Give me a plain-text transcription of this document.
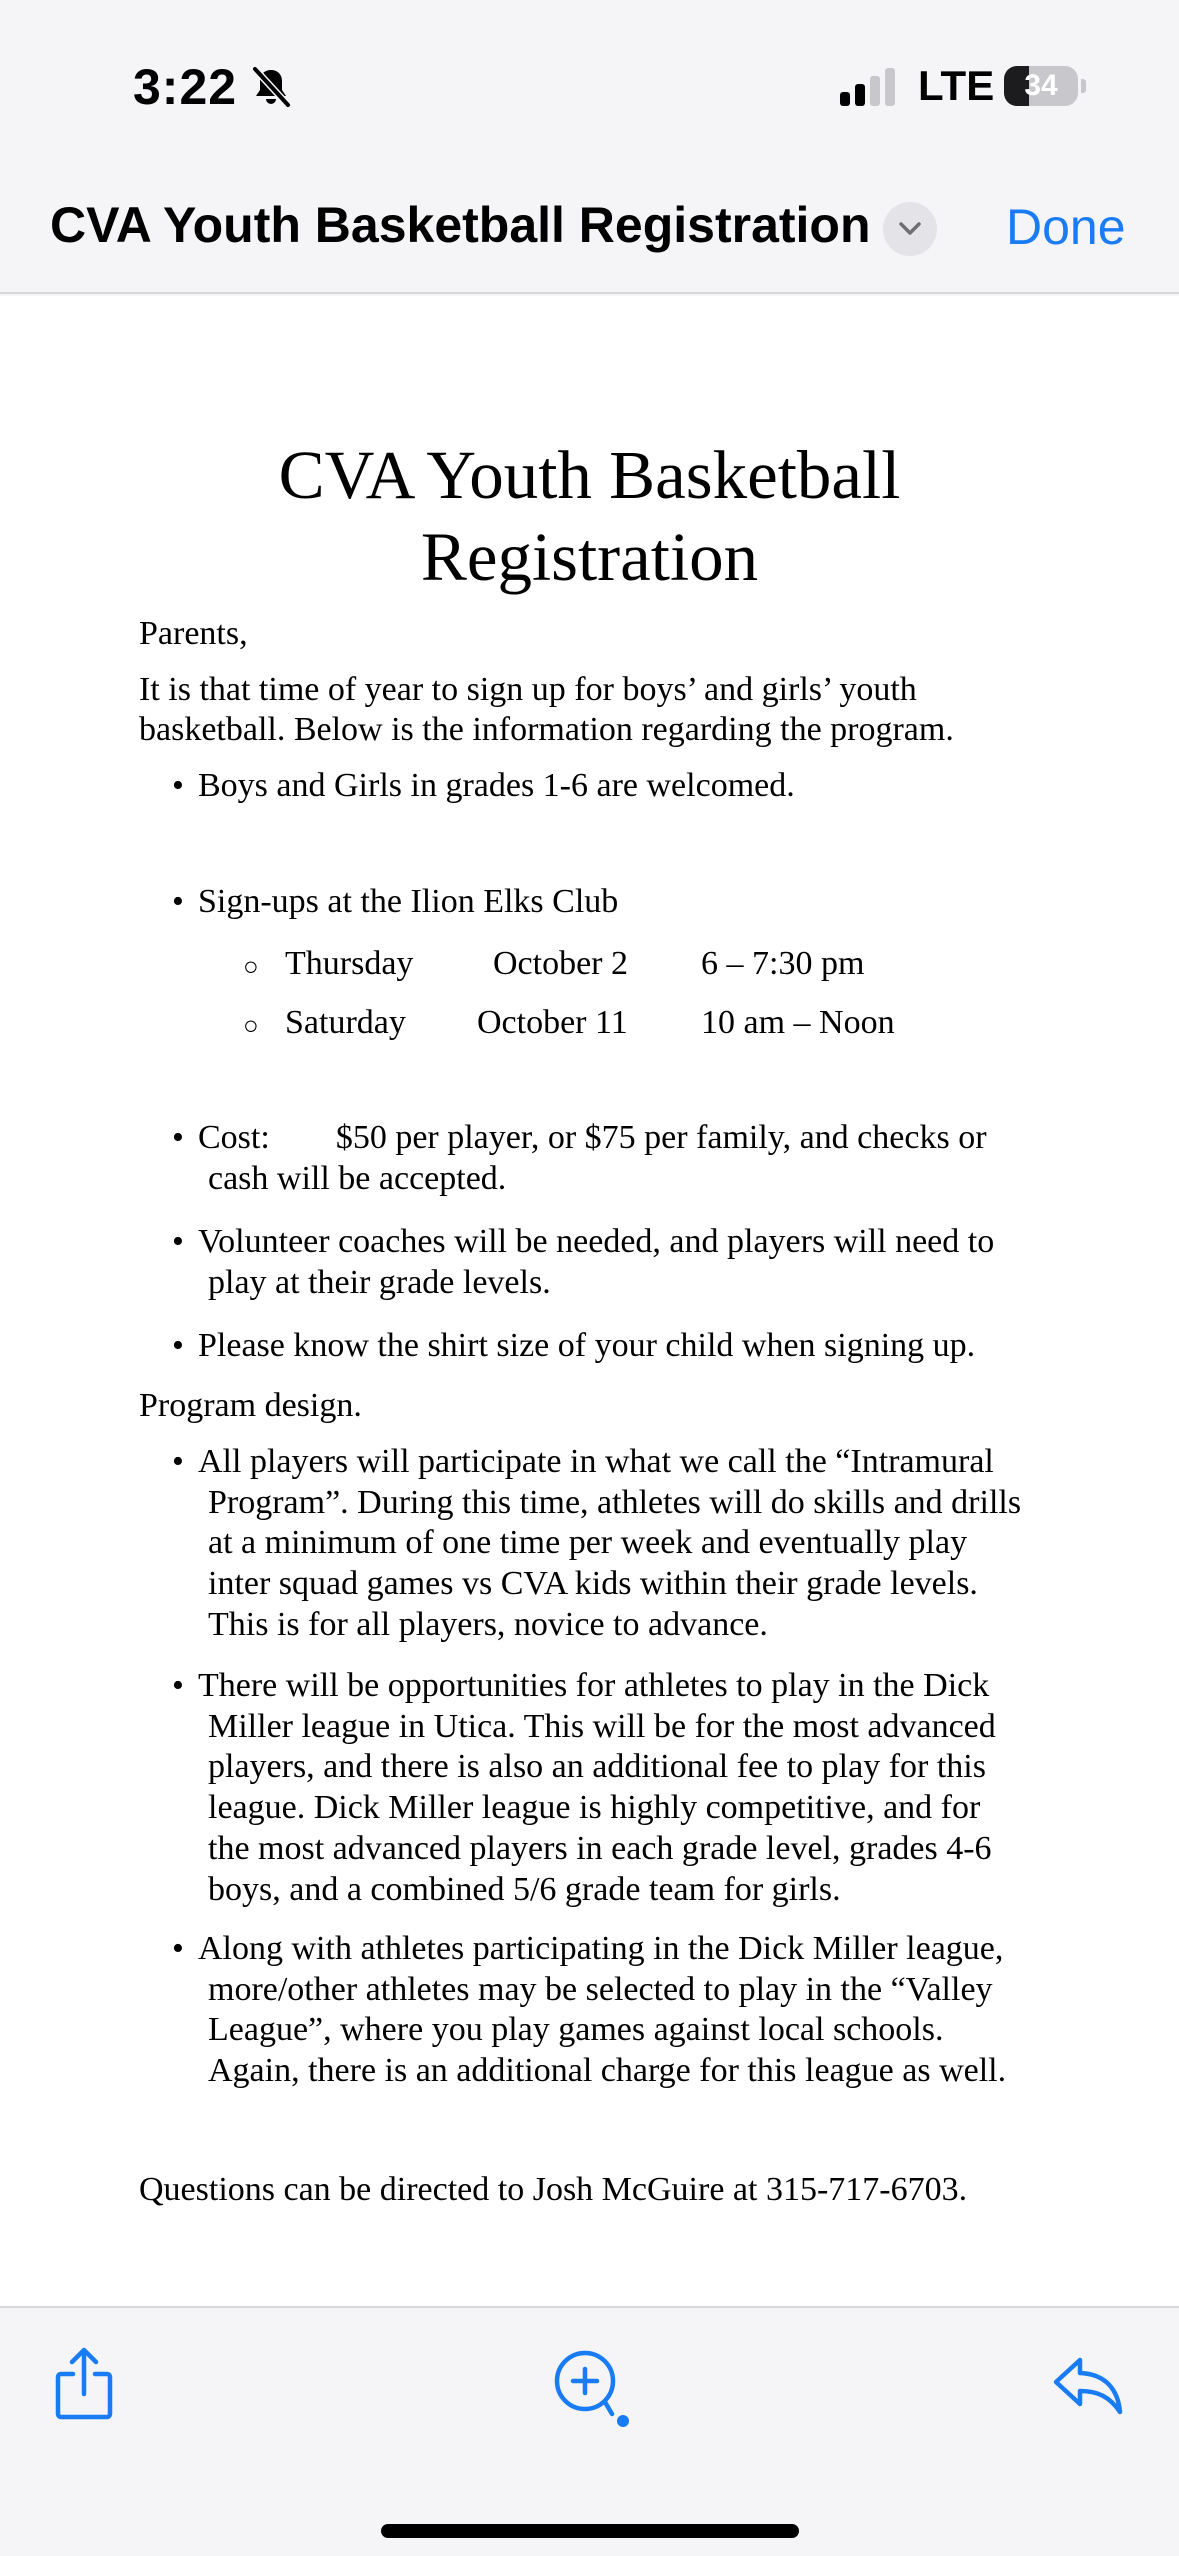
3:22	LTE	34
CVA Youth Basketball Registration	Done
CVA Youth Basketball
Registration
Parents,
It is that time of year to sign up for boys’ and girls’ youth
basketball. Below is the information regarding the program.
• Boys and Girls in grades 1-6 are welcomed.
• Sign-ups at the Ilion Elks Club
○ Thursday October 2 6 – 7:30 pm
○ Saturday October 11 10 am – Noon
• Cost: $50 per player, or $75 per family, and checks or
cash will be accepted.
• Volunteer coaches will be needed, and players will need to
play at their grade levels.
• Please know the shirt size of your child when signing up.
Program design.
• All players will participate in what we call the “Intramural
Program”. During this time, athletes will do skills and drills
at a minimum of one time per week and eventually play
inter squad games vs CVA kids within their grade levels.
This is for all players, novice to advance.
• There will be opportunities for athletes to play in the Dick
Miller league in Utica. This will be for the most advanced
players, and there is also an additional fee to play for this
league. Dick Miller league is highly competitive, and for
the most advanced players in each grade level, grades 4-6
boys, and a combined 5/6 grade team for girls.
• Along with athletes participating in the Dick Miller league,
more/other athletes may be selected to play in the “Valley
League”, where you play games against local schools.
Again, there is an additional charge for this league as well.
Questions can be directed to Josh McGuire at 315-717-6703.
